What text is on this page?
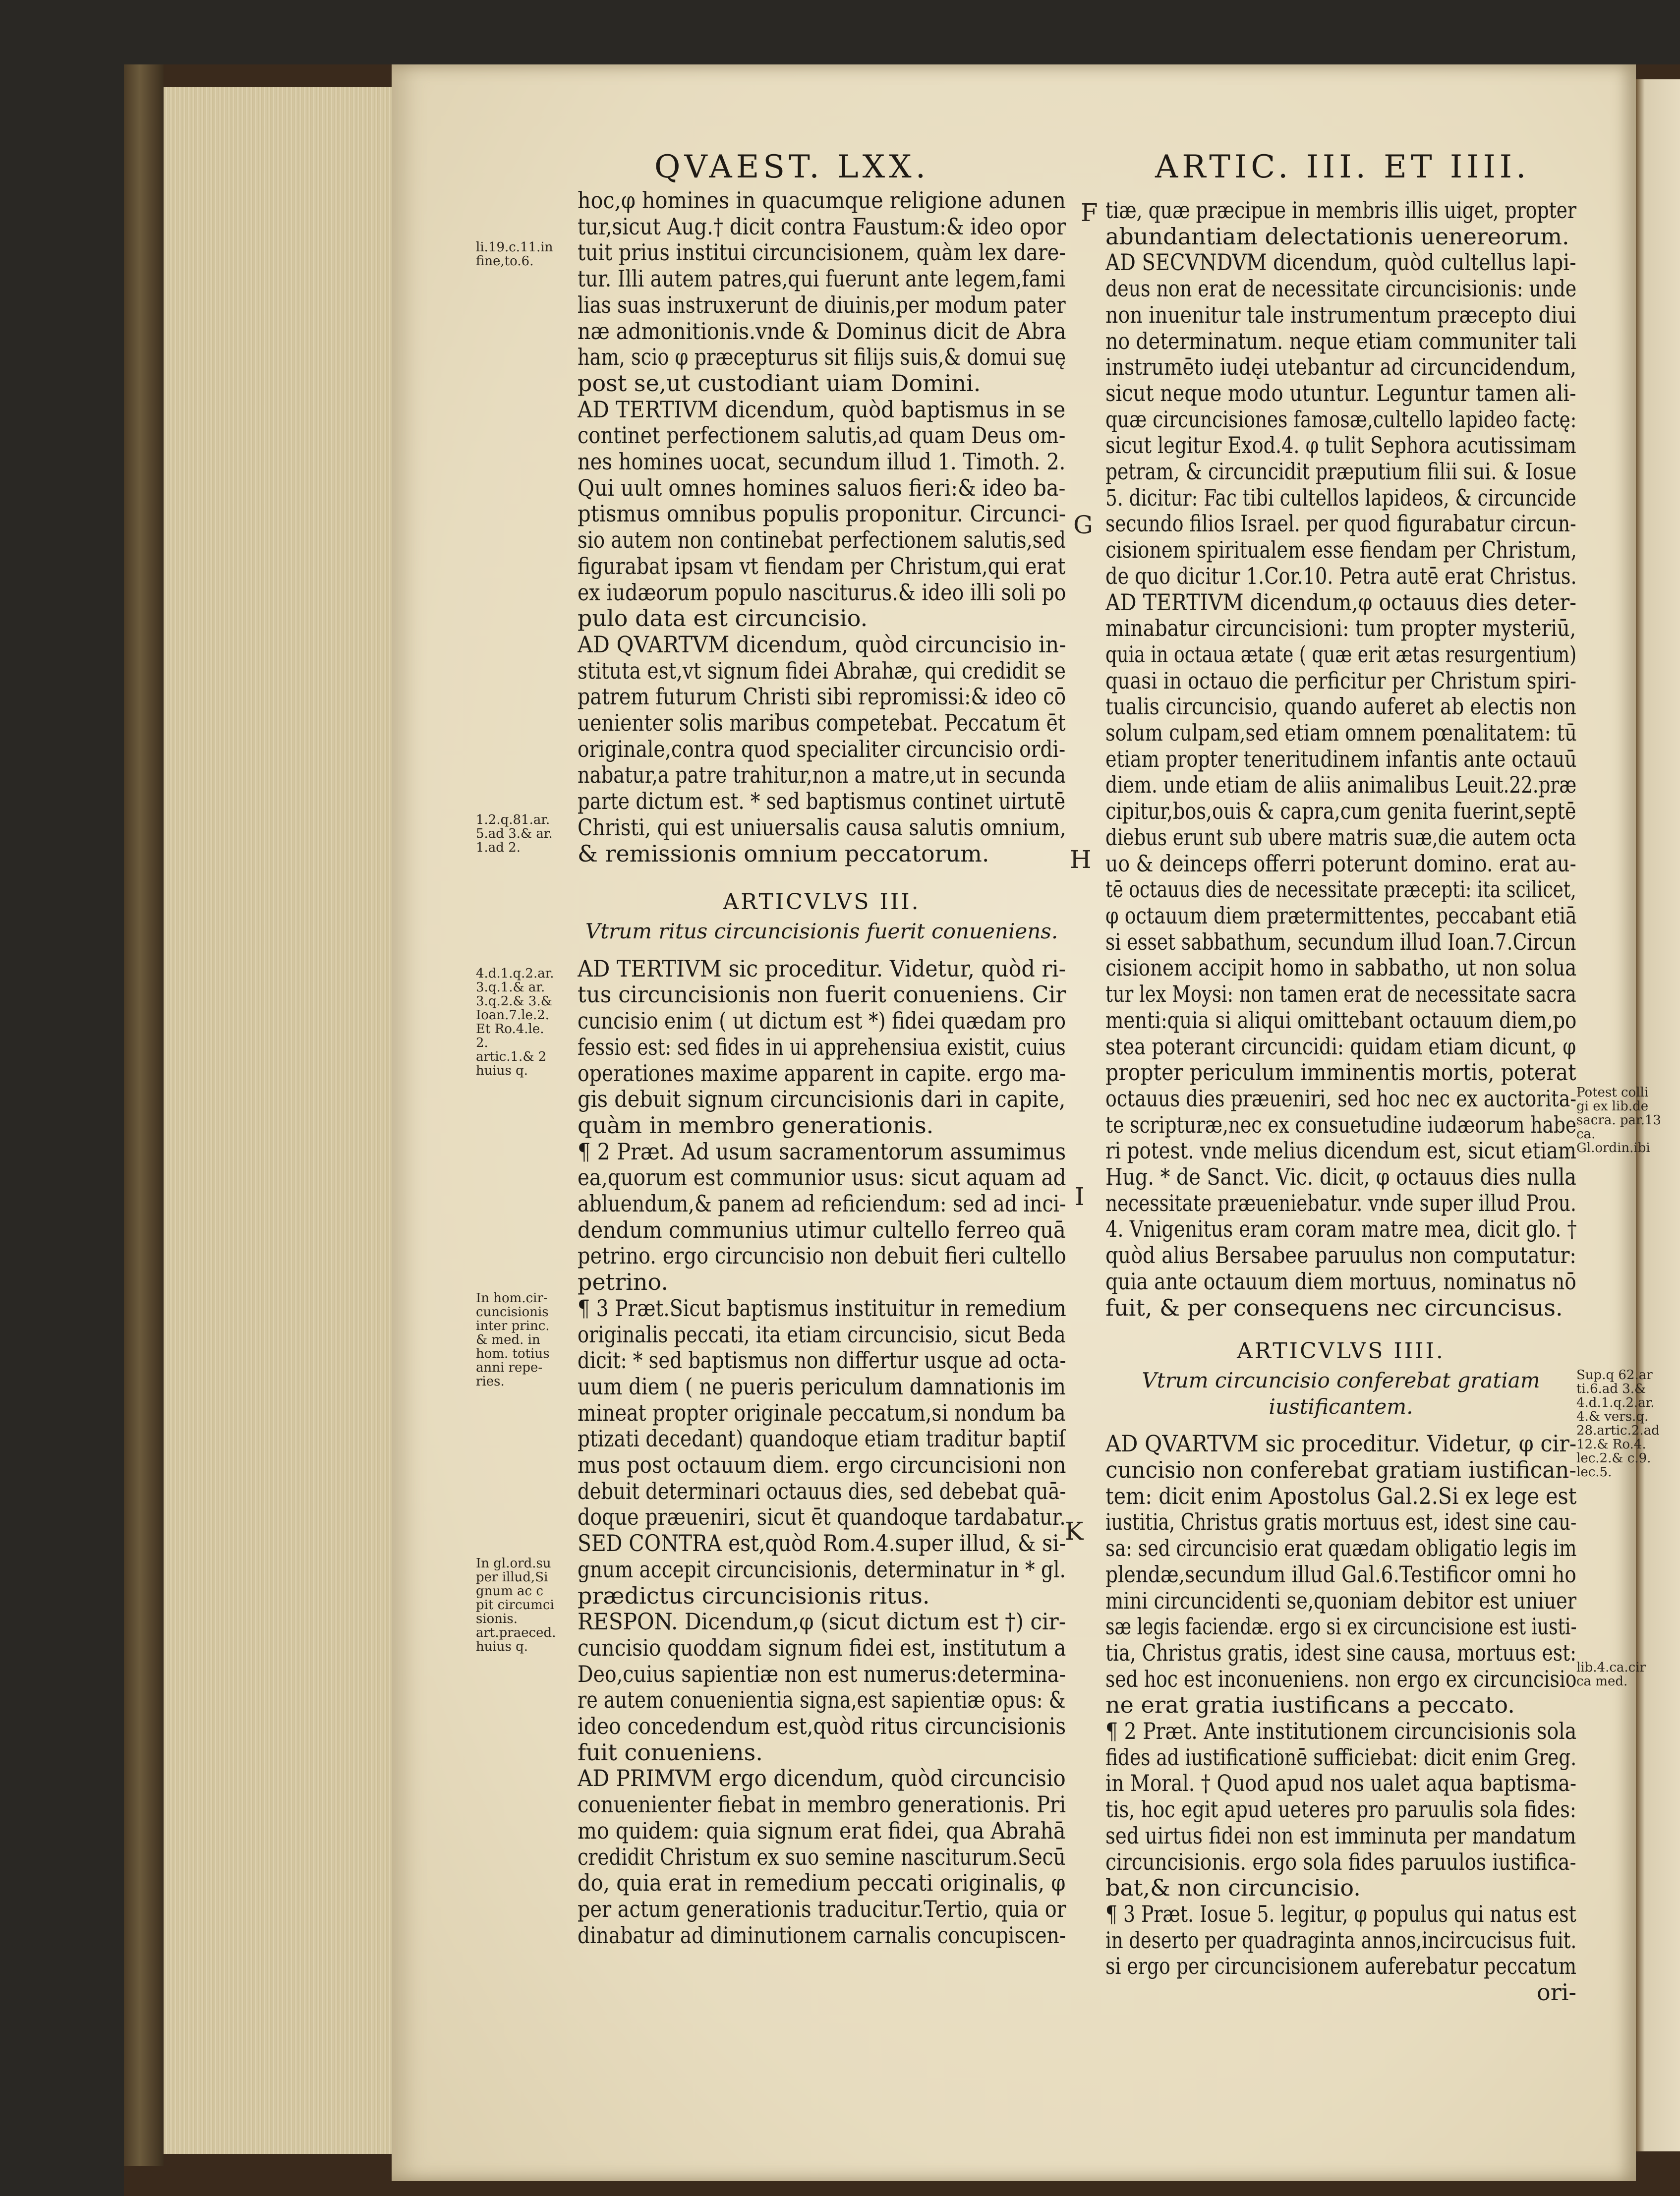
QVAEST. LXX.	ARTIC. III. ET IIII.
li.19.c.11.in
fine,to.6.
1.2.q.81.ar.
5.ad 3.& ar.
1.ad 2.
4.d.1.q.2.ar.
3.q.1.& ar.
3.q.2.& 3.&
Ioan.7.le.2.
Et Ro.4.le.
2.
artic.1.& 2
huius q.
In hom.cir-
cuncisionis
inter princ.
& med. in
hom. totius
anni repe-
ries.
In gl.ord.su
per illud,Si
gnum ac c
pit circumci
sionis.
art.praeced.
huius q.
Potest colli
gi ex lib.de
sacra. par.13
ca.
Gl.ordin.ibi
Sup.q 62.ar
ti.6.ad 3.&
4.d.1.q.2.ar.
4.& vers.q.
28.artic.2.ad
12.& Ro.4.
lec.2.& c.9.
lec.5.
lib.4.ca.cir
ca med.
F
G
H
I
K
hoc,φ homines in quacumque religione adunen
tur,sicut Aug.† dicit contra Faustum:& ideo opor
tuit prius institui circuncisionem, quàm lex dare-
tur. Illi autem patres,qui fuerunt ante legem,fami
lias suas instruxerunt de diuinis,per modum pater
næ admonitionis.vnde & Dominus dicit de Abra
ham, scio φ præcepturus sit filijs suis,& domui suę
post se,ut custodiant uiam Domini.
AD TERTIVM dicendum, quòd baptismus in se
continet perfectionem salutis,ad quam Deus om-
nes homines uocat, secundum illud 1. Timoth. 2.
Qui uult omnes homines saluos fieri:& ideo ba-
ptismus omnibus populis proponitur. Circunci-
sio autem non continebat perfectionem salutis,sed
figurabat ipsam vt fiendam per Christum,qui erat
ex iudæorum populo nasciturus.& ideo illi soli po
pulo data est circuncisio.
AD QVARTVM dicendum, quòd circuncisio in-
stituta est,vt signum fidei Abrahæ, qui credidit se
patrem futurum Christi sibi repromissi:& ideo cō
uenienter solis maribus competebat. Peccatum ēt
originale,contra quod specialiter circuncisio ordi-
nabatur,a patre trahitur,non a matre,ut in secunda
parte dictum est. * sed baptismus continet uirtutē
Christi, qui est uniuersalis causa salutis omnium,
& remissionis omnium peccatorum.
ARTICVLVS III.
Vtrum ritus circuncisionis fuerit conueniens.
AD TERTIVM sic proceditur. Videtur, quòd ri-
tus circuncisionis non fuerit conueniens. Cir
cuncisio enim ( ut dictum est *) fidei quædam pro
fessio est: sed fides in ui apprehensiua existit, cuius
operationes maxime apparent in capite. ergo ma-
gis debuit signum circuncisionis dari in capite,
quàm in membro generationis.
¶ 2 Præt. Ad usum sacramentorum assumimus
ea,quorum est communior usus: sicut aquam ad
abluendum,& panem ad reficiendum: sed ad inci-
dendum communius utimur cultello ferreo quā
petrino. ergo circuncisio non debuit fieri cultello
petrino.
¶ 3 Præt.Sicut baptismus instituitur in remedium
originalis peccati, ita etiam circuncisio, sicut Beda
dicit: * sed baptismus non differtur usque ad octa-
uum diem ( ne pueris periculum damnationis im
mineat propter originale peccatum,si nondum ba
ptizati decedant) quandoque etiam traditur baptiſ
mus post octauum diem. ergo circuncisioni non
debuit determinari octauus dies, sed debebat quā-
doque præueniri, sicut ēt quandoque tardabatur.
SED CONTRA est,quòd Rom.4.super illud, & si-
gnum accepit circuncisionis, determinatur in * gl.
prædictus circuncisionis ritus.
RESPON. Dicendum,φ (sicut dictum est †) cir-
cuncisio quoddam signum fidei est, institutum a
Deo,cuius sapientiæ non est numerus:determina-
re autem conuenientia signa,est sapientiæ opus: &
ideo concedendum est,quòd ritus circuncisionis
fuit conueniens.
AD PRIMVM ergo dicendum, quòd circuncisio
conuenienter fiebat in membro generationis. Pri
mo quidem: quia signum erat fidei, qua Abrahā
credidit Christum ex suo semine nasciturum.Secū
do, quia erat in remedium peccati originalis, φ
per actum generationis traducitur.Tertio, quia or
dinabatur ad diminutionem carnalis concupiscen-
tiæ, quæ præcipue in membris illis uiget, propter
abundantiam delectationis uenereorum.
AD SECVNDVM dicendum, quòd cultellus lapi-
deus non erat de necessitate circuncisionis: unde
non inuenitur tale instrumentum præcepto diui
no determinatum. neque etiam communiter tali
instrumēto iudęi utebantur ad circuncidendum,
sicut neque modo utuntur. Leguntur tamen ali-
quæ circuncisiones famosæ,cultello lapideo factę:
sicut legitur Exod.4. φ tulit Sephora acutissimam
petram, & circuncidit præputium filii sui. & Iosue
5. dicitur: Fac tibi cultellos lapideos, & circuncide
secundo filios Israel. per quod figurabatur circun-
cisionem spiritualem esse fiendam per Christum,
de quo dicitur 1.Cor.10. Petra autē erat Christus.
AD TERTIVM dicendum,φ octauus dies deter-
minabatur circuncisioni: tum propter mysteriū,
quia in octaua ætate ( quæ erit ætas resurgentium)
quasi in octauo die perficitur per Christum spiri-
tualis circuncisio, quando auferet ab electis non
solum culpam,sed etiam omnem pœnalitatem: tū
etiam propter teneritudinem infantis ante octauū
diem. unde etiam de aliis animalibus Leuit.22.præ
cipitur,bos,ouis & capra,cum genita fuerint,septē
diebus erunt sub ubere matris suæ,die autem octa
uo & deinceps offerri poterunt domino. erat au-
tē octauus dies de necessitate præcepti: ita scilicet,
φ octauum diem prætermittentes, peccabant etiā
si esset sabbathum, secundum illud Ioan.7.Circun
cisionem accipit homo in sabbatho, ut non solua
tur lex Moysi: non tamen erat de necessitate sacra
menti:quia si aliqui omittebant octauum diem,po
stea poterant circuncidi: quidam etiam dicunt, φ
propter periculum imminentis mortis, poterat
octauus dies præueniri, sed hoc nec ex auctorita-
te scripturæ,nec ex consuetudine iudæorum habe
ri potest. vnde melius dicendum est, sicut etiam
Hug. * de Sanct. Vic. dicit, φ octauus dies nulla
necessitate præueniebatur. vnde super illud Prou.
4. Vnigenitus eram coram matre mea, dicit glo. †
quòd alius Bersabee paruulus non computatur:
quia ante octauum diem mortuus, nominatus nō
fuit, & per consequens nec circuncisus.
ARTICVLVS IIII.
Vtrum circuncisio conferebat gratiam iustificantem.
AD QVARTVM sic proceditur. Videtur, φ cir-
cuncisio non conferebat gratiam iustifican-
tem: dicit enim Apostolus Gal.2.Si ex lege est
iustitia, Christus gratis mortuus est, idest sine cau-
sa: sed circuncisio erat quædam obligatio legis im
plendæ,secundum illud Gal.6.Testificor omni ho
mini circuncidenti se,quoniam debitor est uniuer
sæ legis faciendæ. ergo si ex circuncisione est iusti-
tia, Christus gratis, idest sine causa, mortuus est:
sed hoc est inconueniens. non ergo ex circuncisio
ne erat gratia iustificans a peccato.
¶ 2 Præt. Ante institutionem circuncisionis sola
fides ad iustificationē sufficiebat: dicit enim Greg.
in Moral. † Quod apud nos ualet aqua baptisma-
tis, hoc egit apud ueteres pro paruulis sola fides:
sed uirtus fidei non est imminuta per mandatum
circuncisionis. ergo sola fides paruulos iustifica-
bat,& non circuncisio.
¶ 3 Præt. Iosue 5. legitur, φ populus qui natus est
in deserto per quadraginta annos,incircucisus fuit.
si ergo per circuncisionem auferebatur peccatum
ori-
